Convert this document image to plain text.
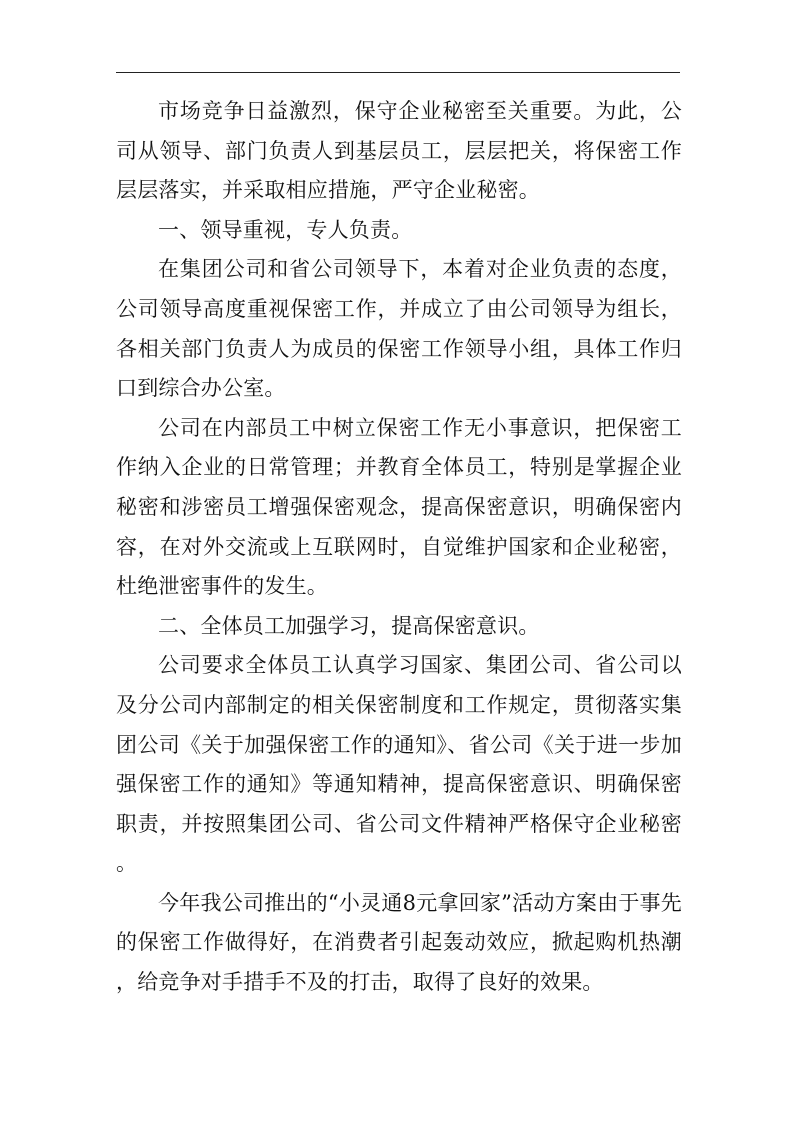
市场竞争日益激烈，保守企业秘密至关重要。为此，公司从领导、部门负责人到基层员工，层层把关，将保密工作层层落实，并采取相应措施，严守企业秘密。

一、领导重视，专人负责。

在集团公司和省公司领导下，本着对企业负责的态度，公司领导高度重视保密工作，并成立了由公司领导为组长，各相关部门负责人为成员的保密工作领导小组，具体工作归口到综合办公室。

公司在内部员工中树立保密工作无小事意识，把保密工作纳入企业的日常管理；并教育全体员工，特别是掌握企业秘密和涉密员工增强保密观念，提高保密意识，明确保密内容，在对外交流或上互联网时，自觉维护国家和企业秘密，杜绝泄密事件的发生。

二、全体员工加强学习，提高保密意识。

公司要求全体员工认真学习国家、集团公司、省公司以及分公司内部制定的相关保密制度和工作规定，贯彻落实集团公司《关于加强保密工作的通知》、省公司《关于进一步加强保密工作的通知》等通知精神，提高保密意识、明确保密职责，并按照集团公司、省公司文件精神严格保守企业秘密。

今年我公司推出的“小灵通8元拿回家”活动方案由于事先的保密工作做得好，在消费者引起轰动效应，掀起购机热潮，给竞争对手措手不及的打击，取得了良好的效果。
